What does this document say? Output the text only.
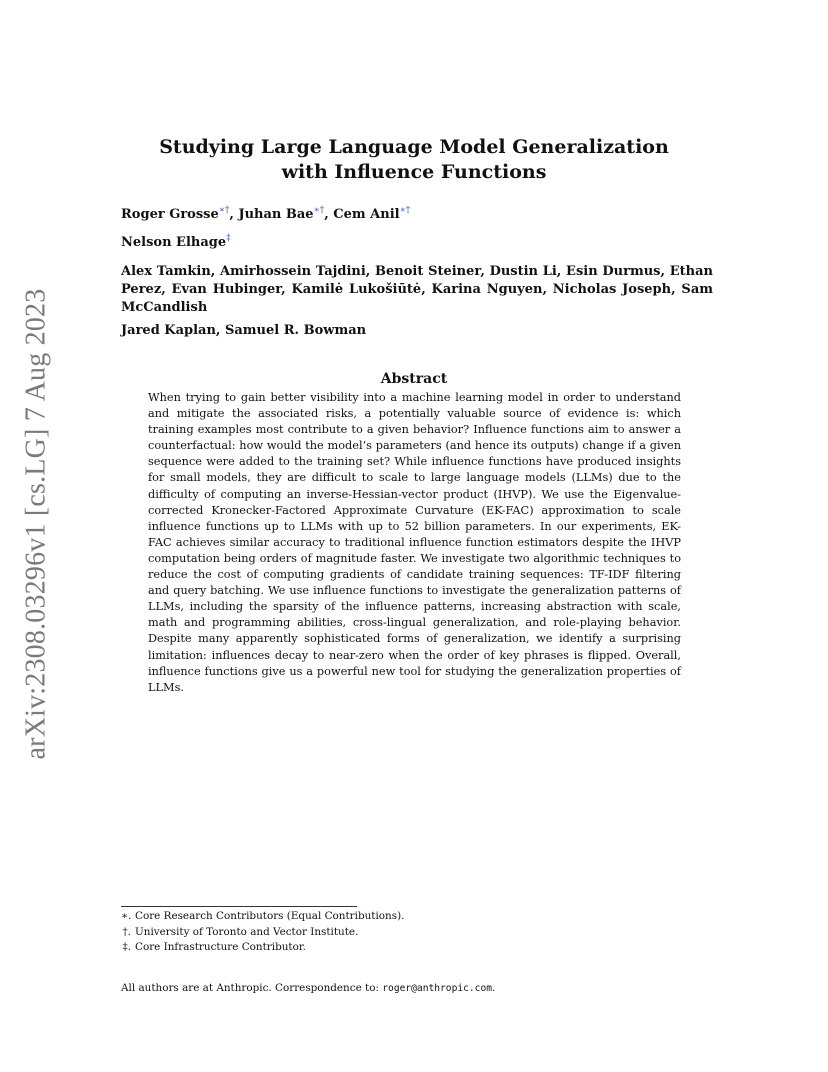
arXiv:2308.03296v1 [cs.LG] 7 Aug 2023
Studying Large Language Model Generalization
with Influence Functions
Roger Grosse∗†, Juhan Bae∗†, Cem Anil∗†
Nelson Elhage‡
Alex Tamkin, Amirhossein Tajdini, Benoit Steiner, Dustin Li, Esin Durmus, Ethan Perez, Evan Hubinger, Kamilė Lukošiūtė, Karina Nguyen, Nicholas Joseph, Sam McCandlish
Jared Kaplan, Samuel R. Bowman
Abstract
When trying to gain better visibility into a machine learning model in order to understand and mitigate the associated risks, a potentially valuable source of evidence is: which training examples most contribute to a given behavior? Influence functions aim to answer a counterfactual: how would the model’s parameters (and hence its outputs) change if a given sequence were added to the training set? While influence functions have produced insights for small models, they are difficult to scale to large language models (LLMs) due to the difficulty of computing an inverse-Hessian-vector product (IHVP). We use the Eigenvalue-corrected Kronecker-Factored Approximate Curvature (EK-FAC) approximation to scale influence functions up to LLMs with up to 52 billion parameters. In our experiments, EK-FAC achieves similar accuracy to traditional influence function estimators despite the IHVP computation being orders of magnitude faster. We investigate two algorithmic techniques to reduce the cost of computing gradients of candidate training sequences: TF-IDF filtering and query batching. We use influence functions to investigate the generalization patterns of LLMs, including the sparsity of the influence patterns, increasing abstraction with scale, math and programming abilities, cross-lingual generalization, and role-playing behavior. Despite many apparently sophisticated forms of generalization, we identify a surprising limitation: influences decay to near-zero when the order of key phrases is flipped. Overall, influence functions give us a powerful new tool for studying the generalization properties of LLMs.
∗. Core Research Contributors (Equal Contributions).
†. University of Toronto and Vector Institute.
‡. Core Infrastructure Contributor.
All authors are at Anthropic. Correspondence to: roger@anthropic.com.
